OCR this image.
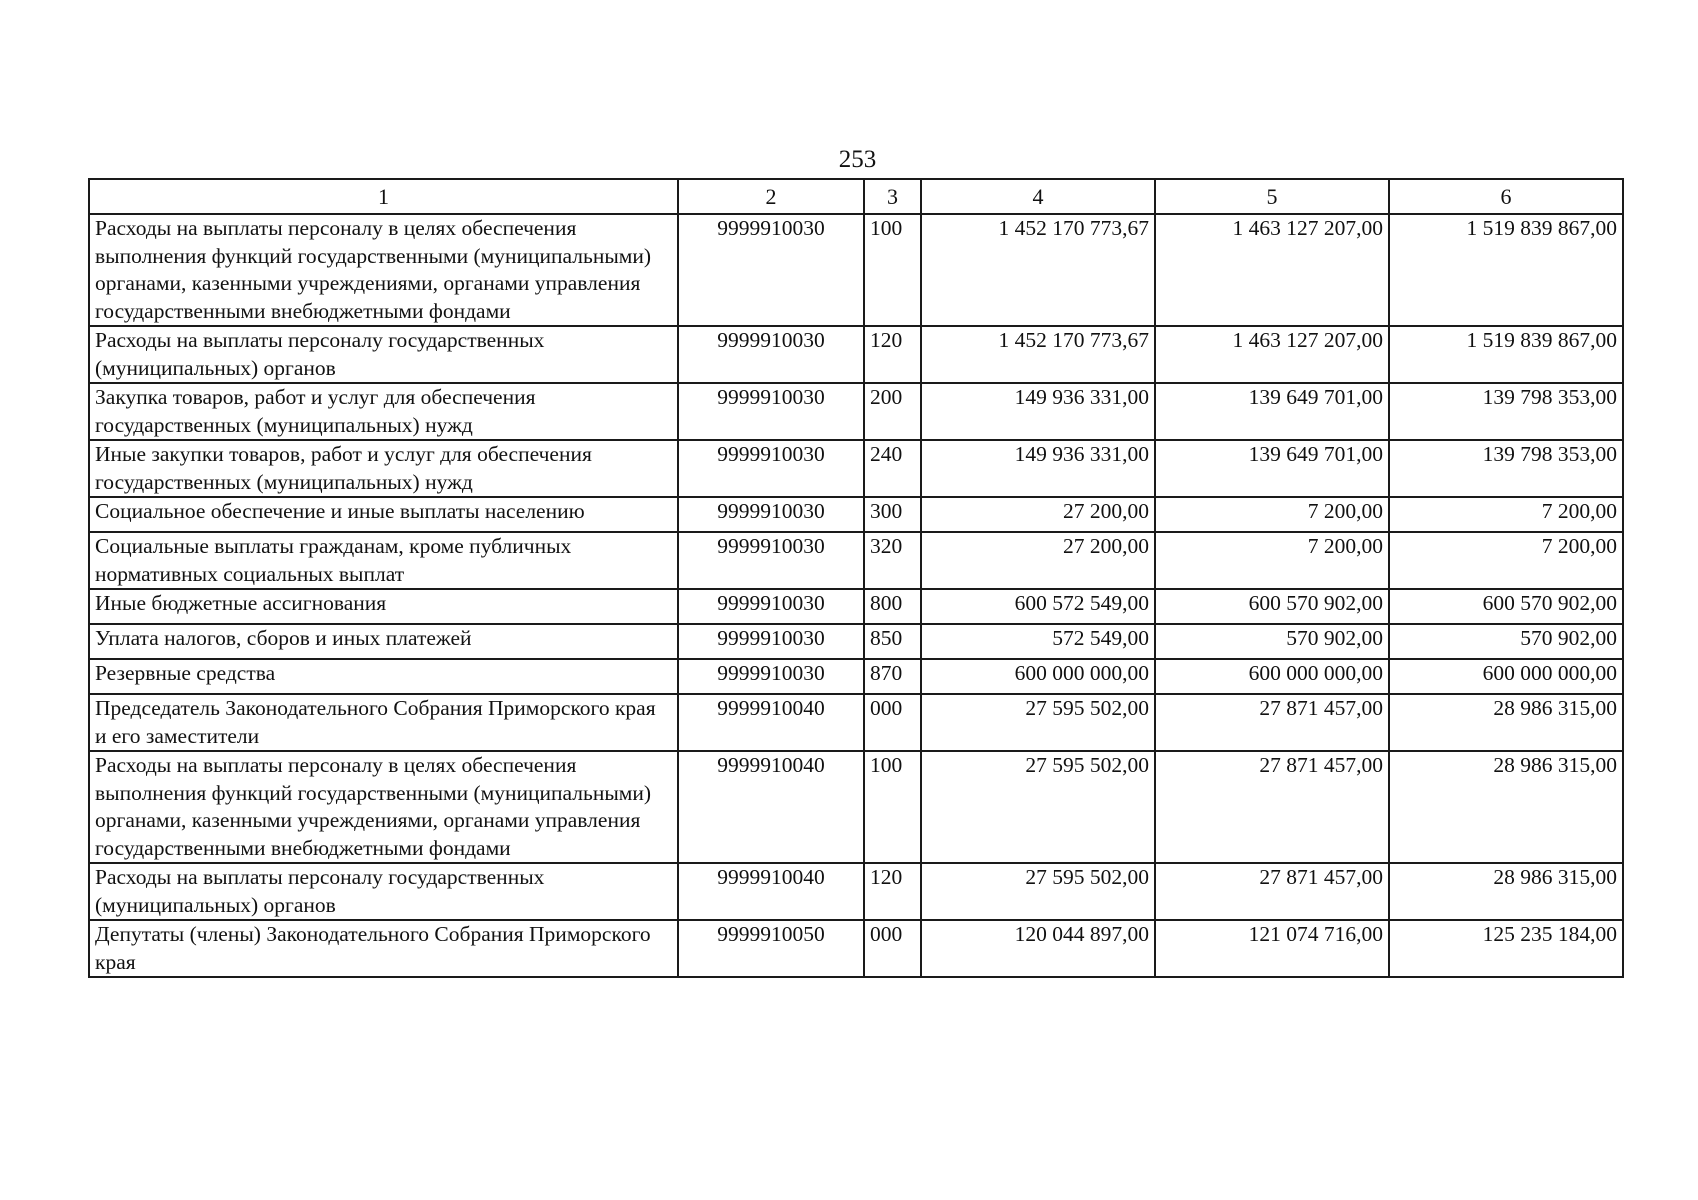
253
1	2	3	4	5	6
Расходы на выплаты персоналу в целях обеспечения выполнения функций государственными (муниципальными) органами, казенными учреждениями, органами управления государственными внебюджетными фондами	9999910030	100	1 452 170 773,67	1 463 127 207,00	1 519 839 867,00
Расходы на выплаты персоналу государственных (муниципальных) органов	9999910030	120	1 452 170 773,67	1 463 127 207,00	1 519 839 867,00
Закупка товаров, работ и услуг для обеспечения государственных (муниципальных) нужд	9999910030	200	149 936 331,00	139 649 701,00	139 798 353,00
Иные закупки товаров, работ и услуг для обеспечения государственных (муниципальных) нужд	9999910030	240	149 936 331,00	139 649 701,00	139 798 353,00
Социальное обеспечение и иные выплаты населению	9999910030	300	27 200,00	7 200,00	7 200,00
Социальные выплаты гражданам, кроме публичных нормативных социальных выплат	9999910030	320	27 200,00	7 200,00	7 200,00
Иные бюджетные ассигнования	9999910030	800	600 572 549,00	600 570 902,00	600 570 902,00
Уплата налогов, сборов и иных платежей	9999910030	850	572 549,00	570 902,00	570 902,00
Резервные средства	9999910030	870	600 000 000,00	600 000 000,00	600 000 000,00
Председатель Законодательного Собрания Приморского края и его заместители	9999910040	000	27 595 502,00	27 871 457,00	28 986 315,00
Расходы на выплаты персоналу в целях обеспечения выполнения функций государственными (муниципальными) органами, казенными учреждениями, органами управления государственными внебюджетными фондами	9999910040	100	27 595 502,00	27 871 457,00	28 986 315,00
Расходы на выплаты персоналу государственных (муниципальных) органов	9999910040	120	27 595 502,00	27 871 457,00	28 986 315,00
Депутаты (члены) Законодательного Собрания Приморского края	9999910050	000	120 044 897,00	121 074 716,00	125 235 184,00
